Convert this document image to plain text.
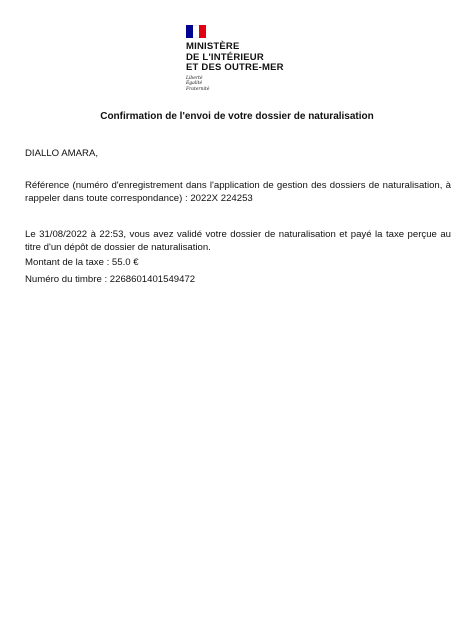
MINISTÈRE
DE L'INTÉRIEUR
ET DES OUTRE-MER
Liberté
Égalité
Fraternité
Confirmation de l'envoi de votre dossier de naturalisation
DIALLO AMARA,
Référence (numéro d'enregistrement dans l'application de gestion des dossiers de naturalisation, à
rappeler dans toute correspondance) : 2022X 224253
Le 31/08/2022 à 22:53, vous avez validé votre dossier de naturalisation et payé la taxe perçue au
titre d'un dépôt de dossier de naturalisation.
Montant de la taxe : 55.0 €
Numéro du timbre : 2268601401549472
